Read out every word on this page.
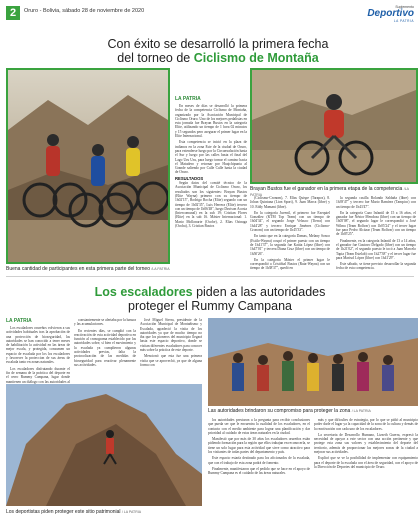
2	Oruro - Bolivia, sábado 28 de noviembre de 2020
Suplemento
Deportivo
LA PATRIA
Con éxito se desarrolló la primera fecha
del torneo de Ciclismo de Montaña
Buena cantidad de participantes en esta primera parte del torneo /LA PATRIA
LA PATRIA

En meses de días se desarrolló la primera fecha de la competencia Ciclismo de Montaña, organizado por la Asociación Municipal de Ciclismo Oruro. Uno de los mejores pedalistas en esta jornada fue Brayan Bustos en la categoría Elite, utilizando un tiempo de 1 hora 02 minutos y 15 segundos pero asegurar el primer lugar en la Elite Internacional.

Esta competencia se inició en la plaza de indianos en la zona Este de la ciudad de Oruro, para extenderse luego por la Circunvalación hasta el Sur y luego por las calles hasta el final del Lago Uru Uru, para luego tomar el camino hacia el Matadero y retornar por Huajchipunta al Grande saliendo por Calle Calle hasta la ciudad de Oruro.

RESULTADOS

Según datos del comité técnico de la Asociación Municipal de Ciclismo Oruro, los resultados son los siguientes: Brayan Bustos (Elite Wayna) primero con su tiempo de 1h02'15", Rodrigo Rocha (Elite) segundo con un tiempo de 1h02'35", Luis Herrera (Elite) tercero con un tiempo de 1h06'48", luego Davison Acosta (Intercomunal) en la sub 19; Cristian Flores (Elite) en la sub 16. Máster Internacional: 1. Mario Mollonarte (Ocobe), 2. Elias Osinaga (Oocha), 3. Cristian Bustos

Brayan Bustos fue el ganador en la primera etapa de la competencia /LA PATRIA

(Ciclismo-Cronom), 7. Elías Quispe (Tarapos), 8. Johan Quintana (Lion Sport), 9. Juan Marca (libre) y 10. Eddy Mamani (libre).

En la categoría Juvenil, el primero fue Ezequiel González (KTM Top Team) con un tiempo de 1h04'34", el segundo Jorge Velasco (Tierra) con 1h44'28" y tercero Enrique Jiménez (Ciclismo-Cronom) con un tiempo de 1h45'33".

En tanto que en la categoría Damas, Melany Sonco (Estilo-Wayna) ocupó el primer puesto con un tiempo de 1h41'37", la segunda fue Kattia López (libre) con 1h47'01" y tercera Diana Cruz (libre) con un tiempo de 1h50'26".

En la categoría Máster el primer lugar le correspondió a Cristóbal Bustos (Ruta-Wayna) con un tiempo de 1h38'37", quedó en

la segunda casilla Rolando Saldaña (libre) con 1h39'47" y tercero fue Mario Ramírez (Tampico) con un tiempo de 1h43'47".

En la categoría Cazo Infantil de 15 a 16 años, el ganador fue Néstor Mendoza (libre) con un tiempo de 1h05'08", el segundo lugar le correspondió a José Wilma (Team Bolívar) con 1h05'24" y el tercer lugar fue para Pedro Alcázar (Team Bolívar) con un tiempo de 1h05'25".

Finalmente, en la categoría Infantil de 13 a 14 años, el ganador fue Gustavo Delgado (libre) con un tiempo de 1h21'02", el segundo puesto le tocó a Juan Marcelo Tapia (Team Estelab) con 1h27'38" y el tercer lugar fue para Marisol López (libre) con 1h41'29".

Este sábado, se tiene previsto desarrollar la segunda fecha de esta competencia.

Los escaladores piden a las autoridades
proteger el Rummy Campana
LA PATRIA

Los escaladores orureños volvieron a sus actividades habituales tras la aprobación de una protección de bioseguridad, las autoridades se han conocido a tener meses de habilitación la actividad en las áreas de mejor escala, y protegida, consumen un espacio de escalada por los los escaladores y favorecer la proteccion de sus áreas de escalada tanto en zonas naturales.

Los escaladores disfrutando durante el fin de semana de la práctica del deporte en el cerro Rummy Campana, lugar donde mantienen un diálogo con las autoridades al

constantemente se alertaba por la basura y las acumulaciones.

En recientes días, se cumplió con la reactivación de esta actividad deportiva en función al cronograma establecido por las autoridades sobre, sí bien el movimiento y la escalada ya cumplieron algunas actividades previas, falta la protocolización de las medidas de bioseguridad para reactivar plenamente sus actividades.

José Miguel Sierra, presidente de la Asociación Municipal de Montañismo y Escalada, agradeció la visita de los autoridades ya que de mucho tiempo no iba que los pioneros del municipio llegará hasta este espacio deportivo, donde se visitan diferentes escaladores para conocer más sobre la práctica de este deporte.

Mencionó que esta fue una primera visita que se aprovechó, ya que de alguna forma con

Las autoridades brindaron su compromiso para proteger la zona / LA PATRIA
Los deportistas piden proteger este sitio patrimonial / LA PATRIA

los autoridades prestaron a la pregunta para recibir conclusiones que pueda ser que le encuentra la cualidad de los escaladores, en el contacto con el medio ambiente para lograr una planificación y dar prioridad al cuidado de estas áreas naturales en la ciudad.

Manifestó que por más de 30 años los escaladores orureños están pidiendo formación para la región que ellos trabajan en reconocerla, se tiene un solo lugar para esta actividad que sirve como atractivo para los visitantes de todas partes del departamento y país.

Este espacio estaría destinado para los aficionados de la escalada, que con el trabajo de esta zona podrá de fomento.

Finalmente, manifestaron que el pedido que se hace en el apoyo de Rummy Campana es el cuidado de las áreas naturales.

más y que dificultes de estrategia, por lo que se pidió al municipio poder darle el lugar ya la capacidad de la zona de la cultura y demás de la reactivación con cada uno de los escaladores.

La secretaria de Desarrollo Humano, Lizzeth Guerra, expresó la necesidad de apoyar a este sector con una acción pertinente y que protege esta zona sus valores y establecimiento del deporte del territorio, además de proporcionar las mejores zonas de la ciudad a mejorar sus actividades.

Explicó que se ve la posibilidad de implementar con equipamiento para el deporte de la escalada con el área de seguridad, con el apoyo de la Dirección de Deportes del municipio de Oruro.
